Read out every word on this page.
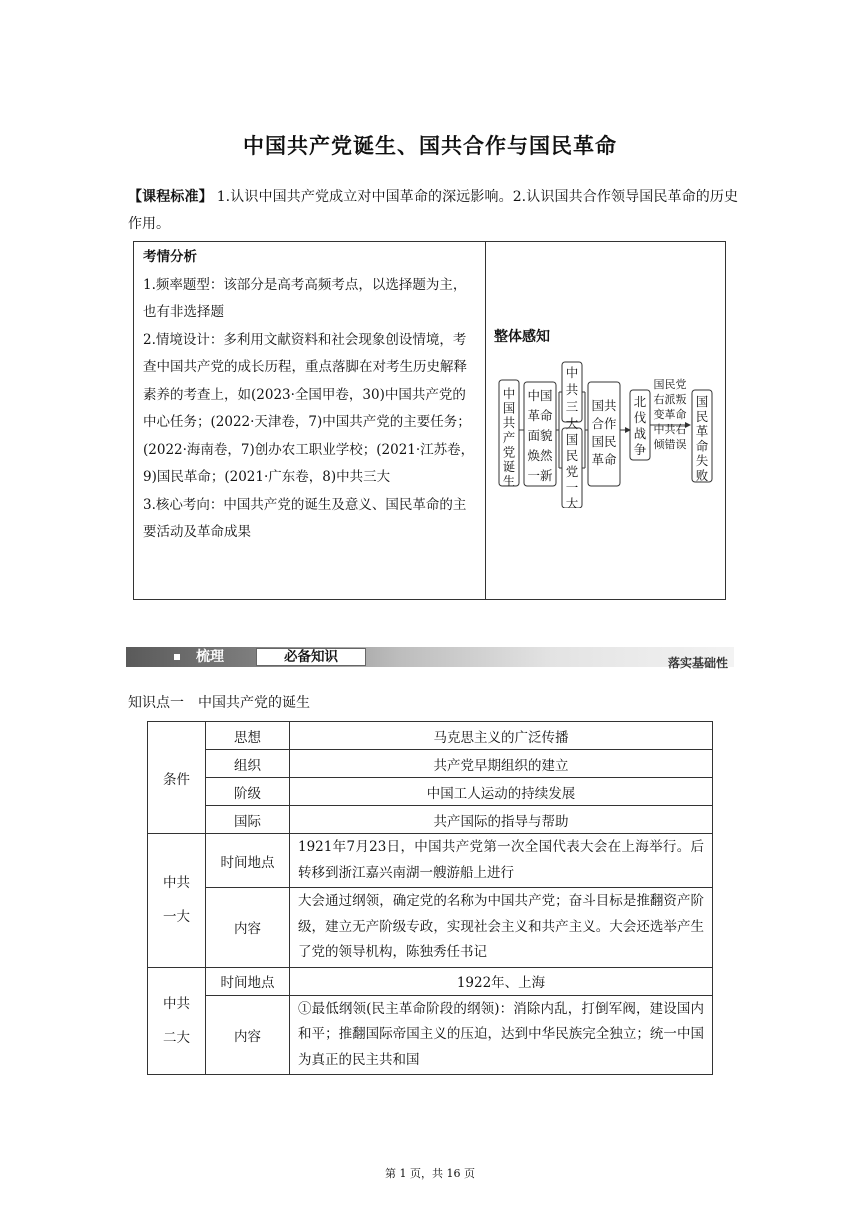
中国共产党诞生、国共合作与国民革命
【课程标准】 1.认识中国共产党成立对中国革命的深远影响。2.认识国共合作领导国民革命的历史作用。
考情分析
1.频率题型：该部分是高考高频考点，以选择题为主，也有非选择题
2.情境设计：多利用文献资料和社会现象创设情境，考查中国共产党的成长历程，重点落脚在对考生历史解释素养的考查上，如(2023·全国甲卷，30)中国共产党的中心任务；(2022·天津卷，7)中国共产党的主要任务；(2022·海南卷，7)创办农工职业学校；(2021·江苏卷，9)国民革命；(2021·广东卷，8)中共三大
3.核心考向：中国共产党的诞生及意义、国民革命的主要活动及革命成果
整体感知
中国共产党诞生
中国革命面貌焕然一新
中共三大
国民党一大
国共合作国民革命
北伐战争
国民革命失败
国民党
右派叛
变革命
中共右
倾错误
梳理	必备知识	落实基础性
知识点一　中国共产党的诞生
条件	思想	马克思主义的广泛传播
	组织	共产党早期组织的建立
	阶级	中国工人运动的持续发展
	国际	共产国际的指导与帮助

中共一大	时间地点	1921年7月23日，中国共产党第一次全国代表大会在上海举行。后转移到浙江嘉兴南湖一艘游船上进行
	内容	大会通过纲领，确定党的名称为中国共产党；奋斗目标是推翻资产阶级，建立无产阶级专政，实现社会主义和共产主义。大会还选举产生了党的领导机构，陈独秀任书记

中共二大	时间地点	1922年、上海
	内容	①最低纲领(民主革命阶段的纲领)：消除内乱，打倒军阀，建设国内和平；推翻国际帝国主义的压迫，达到中华民族完全独立；统一中国为真正的民主共和国
第 1 页，共 16 页
